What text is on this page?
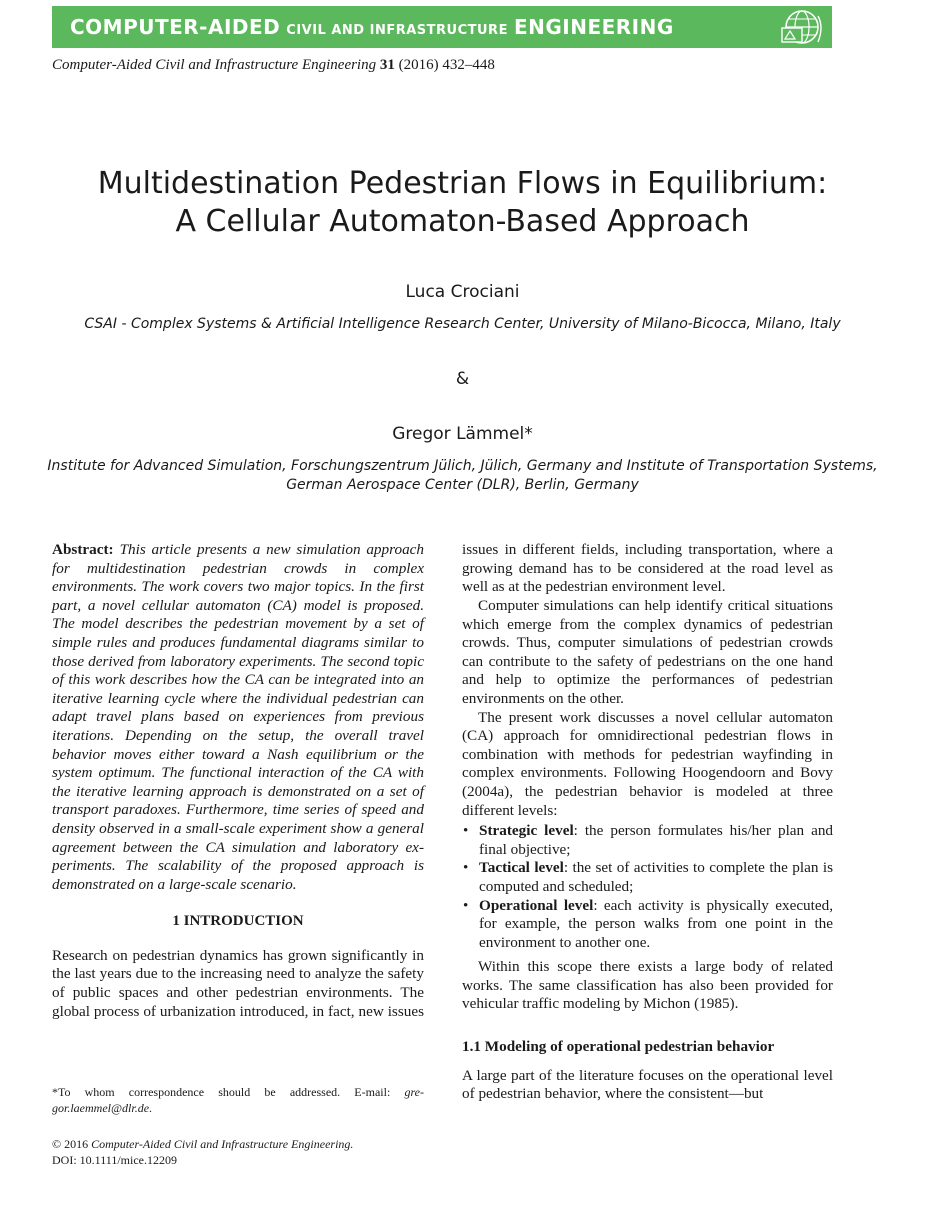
COMPUTER-AIDED CIVIL AND INFRASTRUCTURE ENGINEERING
Computer-Aided Civil and Infrastructure Engineering 31 (2016) 432–448
Multidestination Pedestrian Flows in Equilibrium:
A Cellular Automaton-Based Approach
Luca Crociani
CSAI - Complex Systems & Artificial Intelligence Research Center, University of Milano-Bicocca, Milano, Italy
&
Gregor Lämmel*
Institute for Advanced Simulation, Forschungszentrum Jülich, Jülich, Germany and Institute of Transportation Systems,
German Aerospace Center (DLR), Berlin, Germany

Abstract: This article presents a new simulation approach for multidestination pedestrian crowds in complex environments. The work covers two major topics. In the first part, a novel cellular automaton (CA) model is proposed. The model describes the pedestrian movement by a set of simple rules and produces fundamental diagrams similar to those derived from laboratory experiments. The second topic of this work describes how the CA can be integrated into an iterative learning cycle where the individual pedestrian can adapt travel plans based on experiences from previous iterations. Depending on the setup, the overall travel behavior moves either toward a Nash equilibrium or the system optimum. The functional interaction of the CA with the iterative learning approach is demonstrated on a set of transport paradoxes. Furthermore, time series of speed and density observed in a small-scale experiment show a general agreement between the CA simulation and laboratory experiments. The scalability of the proposed approach is demonstrated on a large-scale scenario.

1 INTRODUCTION

Research on pedestrian dynamics has grown significantly in the last years due to the increasing need to analyze the safety of public spaces and other pedestrian environments. The global process of urbanization introduced, in fact, new issues

issues in different fields, including transportation, where a growing demand has to be considered at the road level as well as at the pedestrian environment level.

Computer simulations can help identify critical situations which emerge from the complex dynamics of pedestrian crowds. Thus, computer simulations of pedestrian crowds can contribute to the safety of pedestrians on the one hand and help to optimize the performances of pedestrian environments on the other.

The present work discusses a novel cellular automaton (CA) approach for omnidirectional pedestrian flows in combination with methods for pedestrian wayfinding in complex environments. Following Hoogendoorn and Bovy (2004a), the pedestrian behavior is modeled at three different levels:

• Strategic level: the person formulates his/her plan and final objective;
• Tactical level: the set of activities to complete the plan is computed and scheduled;
• Operational level: each activity is physically executed, for example, the person walks from one point in the environment to another one.

Within this scope there exists a large body of related works. The same classification has also been provided for vehicular traffic modeling by Michon (1985).

1.1 Modeling of operational pedestrian behavior

A large part of the literature focuses on the operational level of pedestrian behavior, where the consistent—but

*To whom correspondence should be addressed. E-mail: gregor.laemmel@dlr.de.
© 2016 Computer-Aided Civil and Infrastructure Engineering.
DOI: 10.1111/mice.12209
